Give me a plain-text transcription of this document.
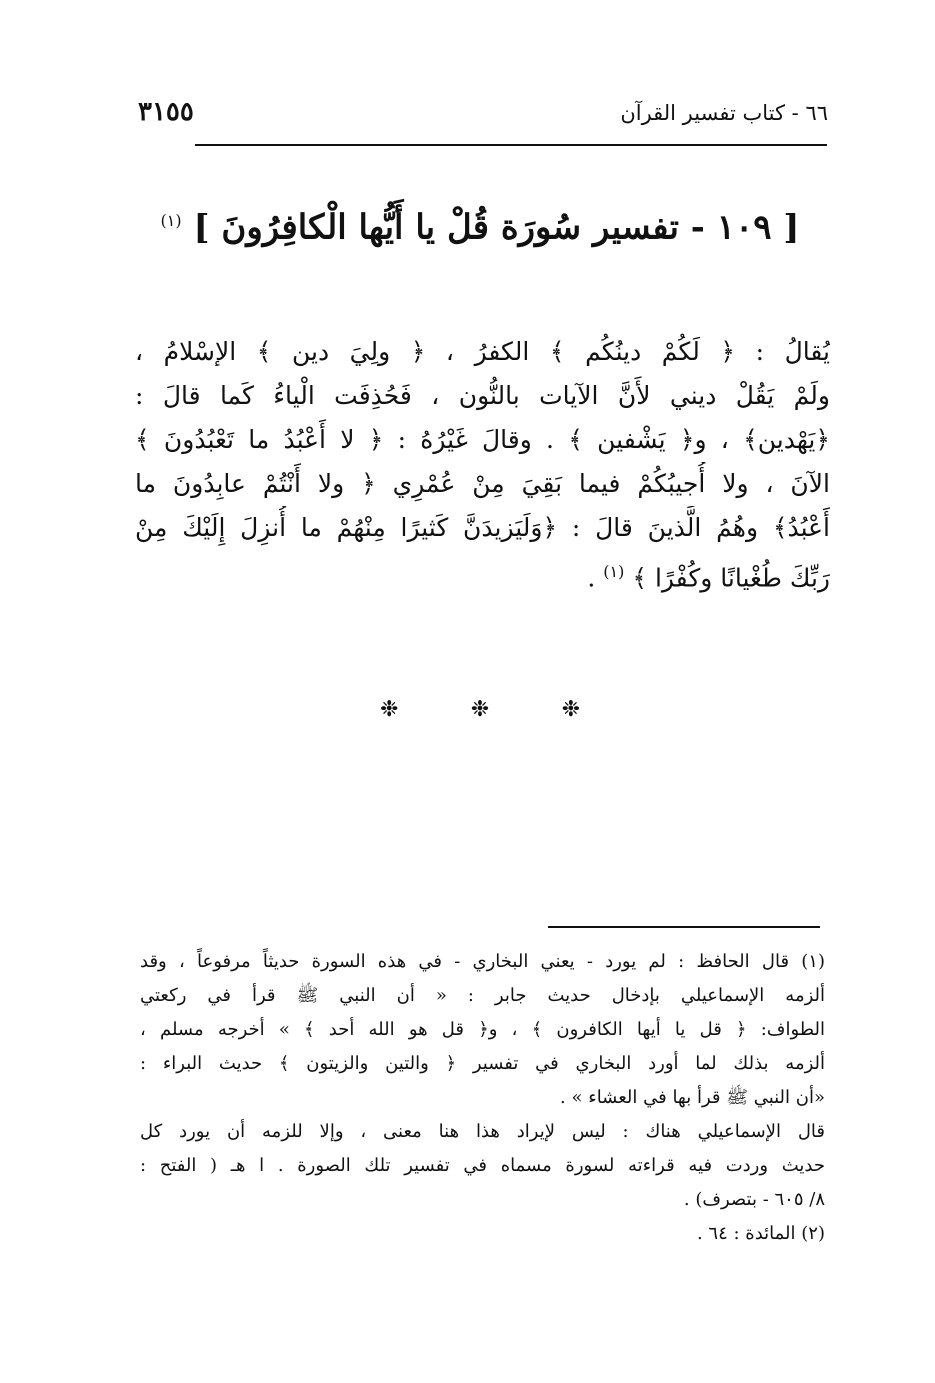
٦٦ - كتاب تفسير القرآن
٣١٥٥
[ ١٠٩ - تفسير سُورَة قُلْ يا أَيُّها الْكافِرُونَ ] $^{(١)}$
يُقالُ : ﴿ لَكُمْ دينُكُم ﴾ الكفرُ ، ﴿ ولِيَ دين ﴾ الإسْلامُ ،
ولَمْ يَقُلْ ديني لأَنَّ الآيات بالنُّون ، فَحُذِفَت الْياءُ كَما قالَ :
﴿يَهْدين﴾ ، و﴿ يَشْفين ﴾ . وقالَ غَيْرُهُ : ﴿ لا أَعْبُدُ ما تَعْبُدُونَ ﴾
الآنَ ، ولا أُجيبُكُمْ فيما بَقِيَ مِنْ عُمْرِي ﴿ ولا أَنْتُمْ عابِدُونَ ما
أَعْبُدُ﴾ وهُمُ الَّذينَ قالَ : ﴿وَلَيَزيدَنَّ كَثيرًا مِنْهُمْ ما أُنزِلَ إِلَيْكَ مِنْ
رَبِّكَ طُغْيانًا وكُفْرًا ﴾ $^{(١)}$ .
❉	❉	❉
(١) قال الحافظ : لم يورد - يعني البخاري - في هذه السورة حديثاً مرفوعاً ، وقد
ألزمه الإسماعيلي بإدخال حديث جابر : « أن النبي ﷺ قرأ في ركعتي
الطواف: ﴿ قل يا أيها الكافرون ﴾ ، و﴿ قل هو الله أحد ﴾ » أخرجه مسلم ،
ألزمه بذلك لما أورد البخاري في تفسير ﴿ والتين والزيتون ﴾ حديث البراء :
«أن النبي ﷺ قرأ بها في العشاء » .
قال الإسماعيلي هناك : ليس لإيراد هذا هنا معنى ، وإلا للزمه أن يورد كل
حديث وردت فيه قراءته لسورة مسماه في تفسير تلك الصورة . ا هـ ( الفتح :
٨/ ٦٠٥ - بتصرف) .
(٢) المائدة : ٦٤ .
